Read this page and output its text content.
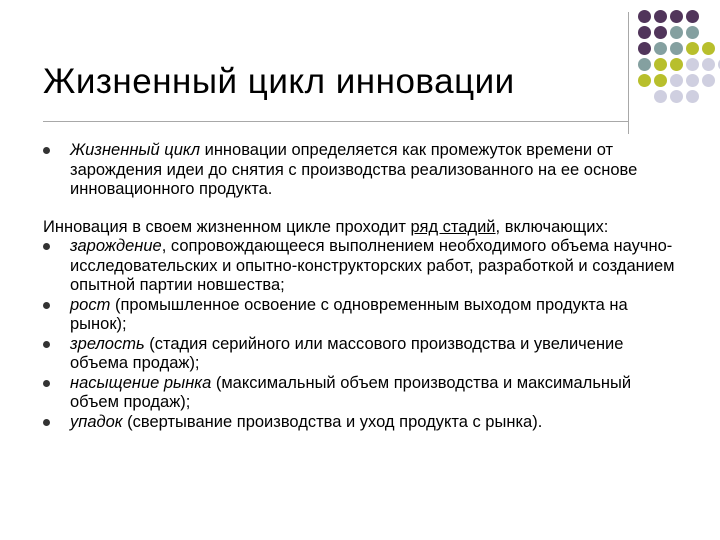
Жизненный цикл инновации
Жизненный цикл инновации определяется как промежуток времени от зарождения идеи до снятия с производства реализованного на ее основе инновационного продукта.
Инновация в своем жизненном цикле проходит ряд стадий, включающих:
зарождение, сопровождающееся выполнением необходимого объема научно-исследовательских и опытно-конструкторских работ, разработкой и созданием опытной партии новшества;
рост (промышленное освоение с одновременным выходом продукта на рынок);
зрелость (стадия серийного или массового производства и увеличение объема продаж);
насыщение рынка (максимальный объем производства и максимальный объем продаж);
упадок (свертывание производства и уход продукта с рынка).
